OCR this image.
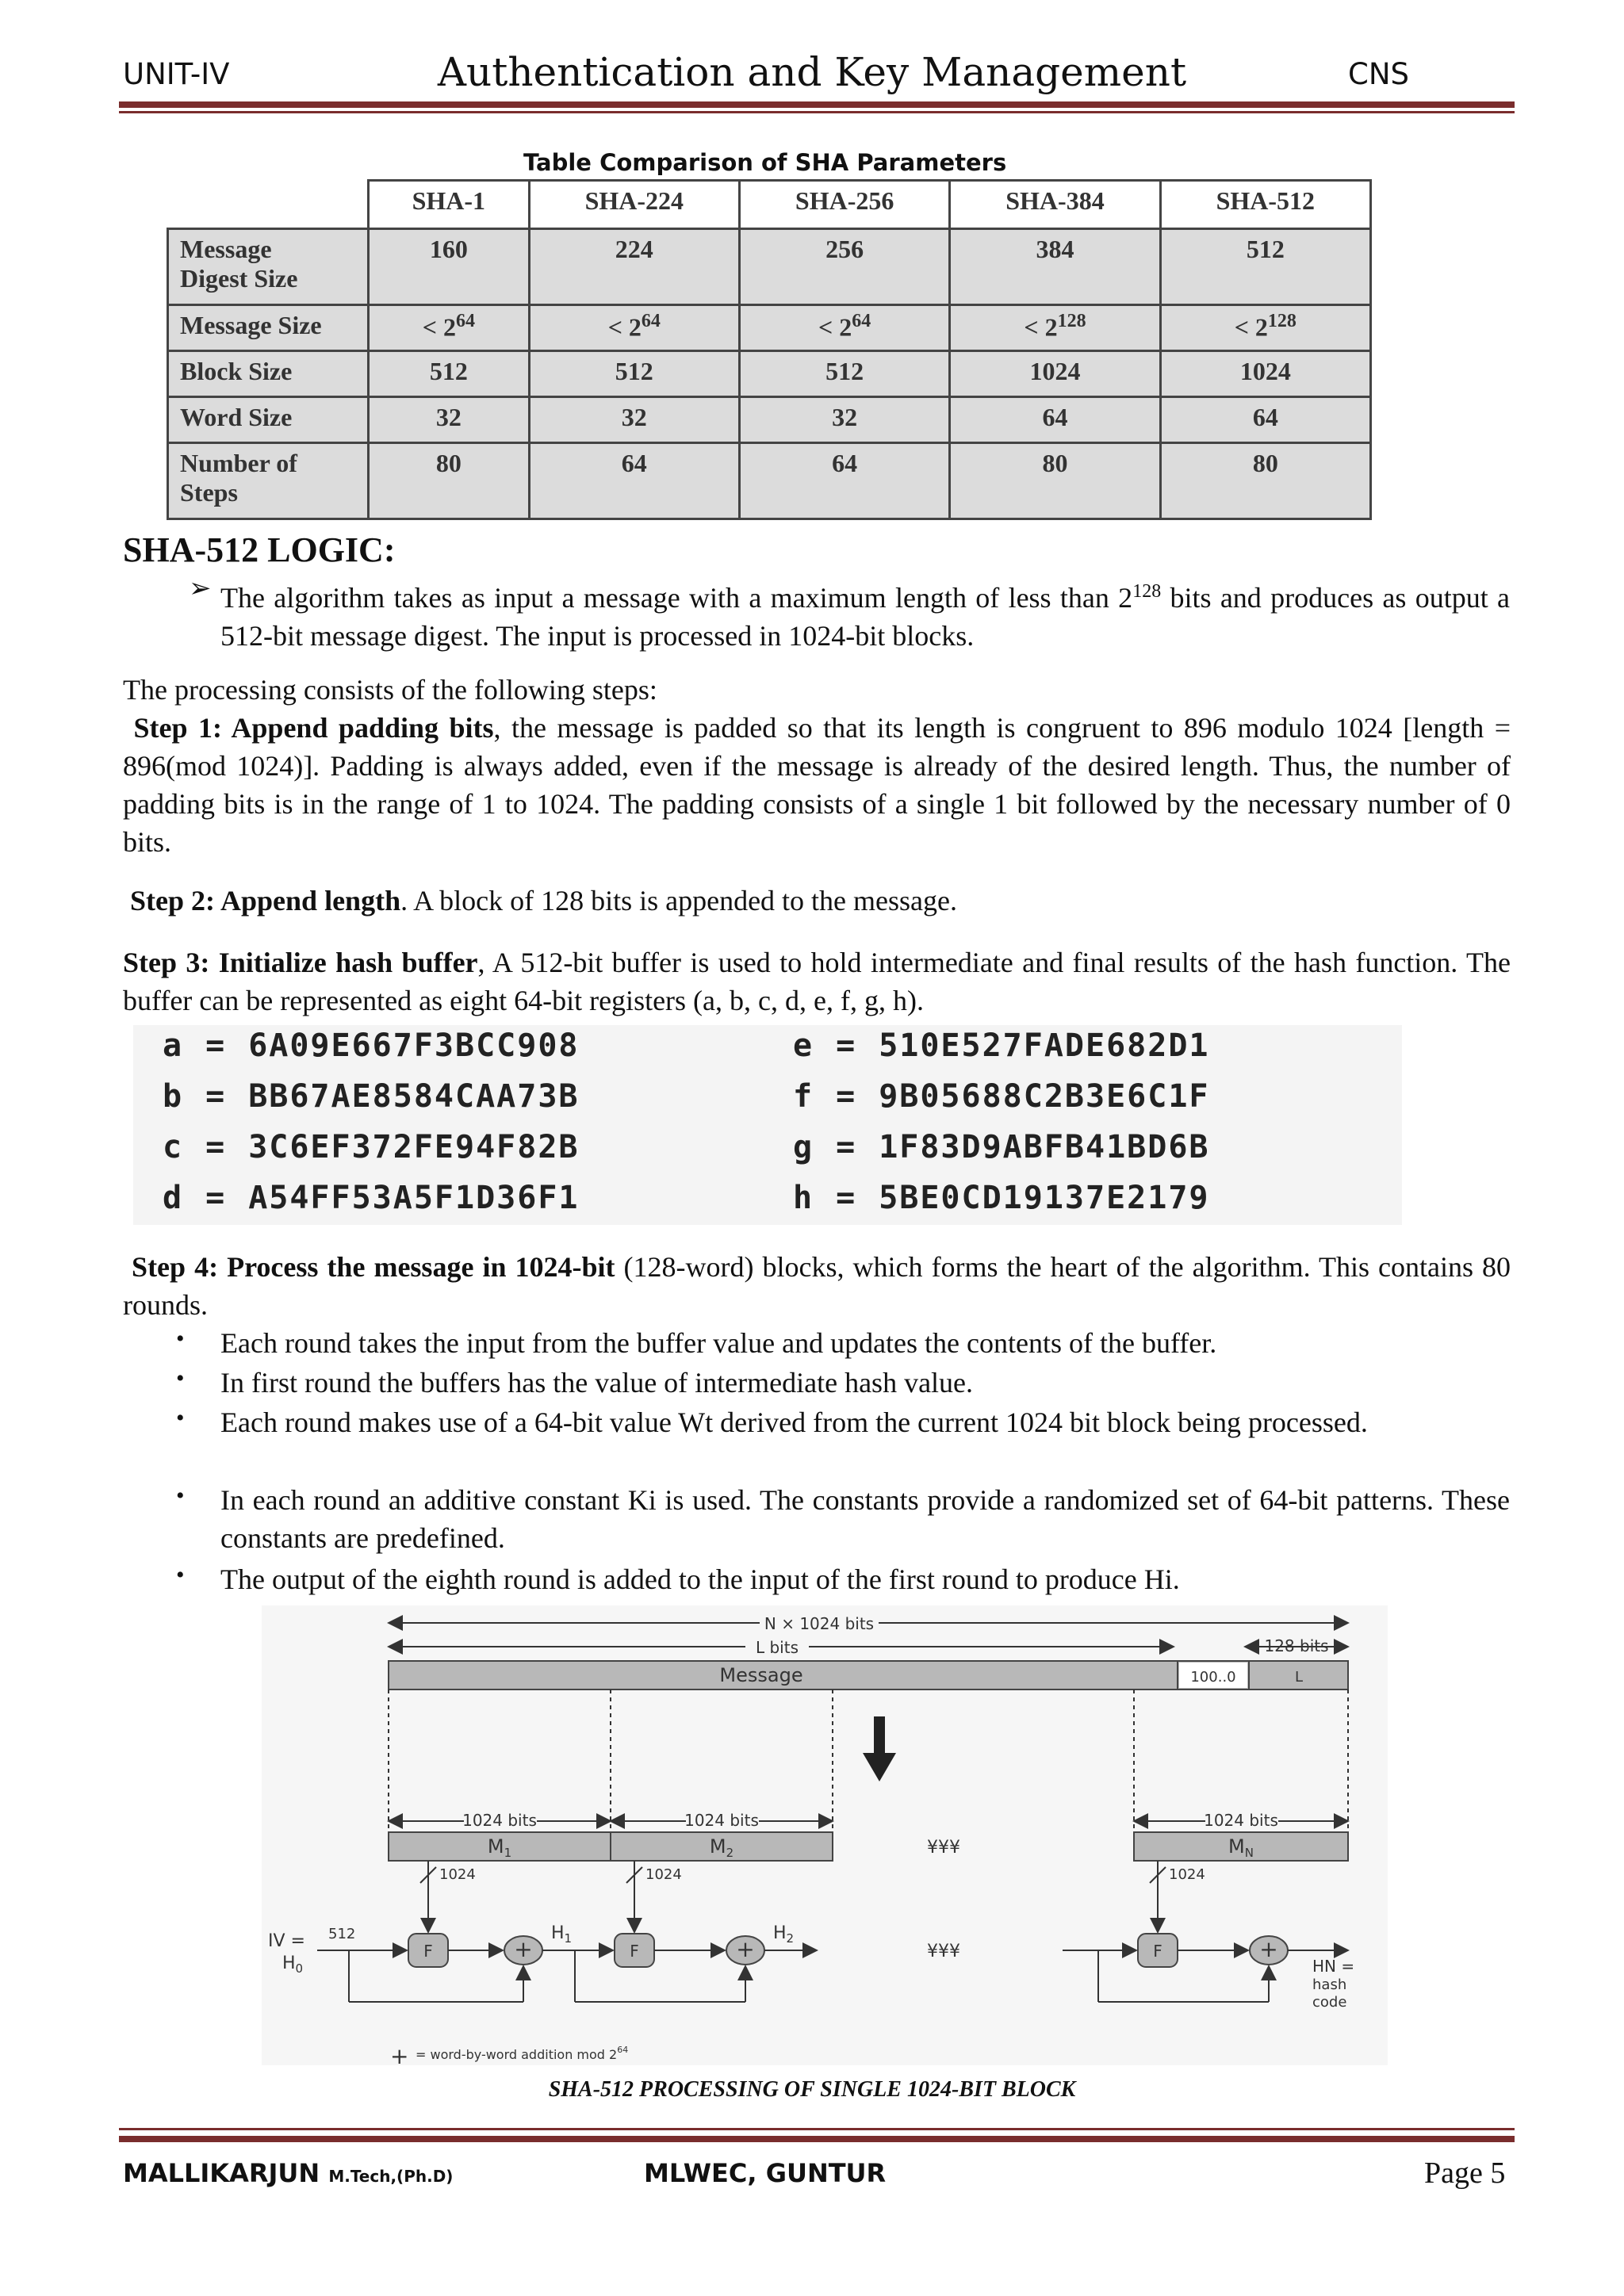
UNIT-IV	Authentication and Key Management	CNS
Table Comparison of SHA Parameters
	SHA-1	SHA-224	SHA-256	SHA-384	SHA-512

Message
Digest Size	160	224	256	384	512

Message Size	< $2^{64}$	< $2^{64}$	< $2^{64}$	< $2^{128}$	< $2^{128}$

Block Size	512	512	512	1024	1024

Word Size	32	32	32	64	64

Number of
Steps	80	64	64	80	80
SHA-512 LOGIC:
➢ The algorithm takes as input a message with a maximum length of less than $2^{128}$ bits and produces as output a 512-bit message digest. The input is processed in 1024-bit blocks.
The processing consists of the following steps:
Step 1: Append padding bits, the message is padded so that its length is congruent to 896 modulo 1024 [length = 896(mod 1024)]. Padding is always added, even if the message is already of the desired length. Thus, the number of padding bits is in the range of 1 to 1024. The padding consists of a single 1 bit followed by the necessary number of 0 bits.
Step 2: Append length. A block of 128 bits is appended to the message.
Step 3: Initialize hash buffer, A 512-bit buffer is used to hold intermediate and final results of the hash function. The buffer can be represented as eight 64-bit registers (a, b, c, d, e, f, g, h).
a = 6A09E667F3BCC908
b = BB67AE8584CAA73B
c = 3C6EF372FE94F82B
d = A54FF53A5F1D36F1
e = 510E527FADE682D1
f = 9B05688C2B3E6C1F
g = 1F83D9ABFB41BD6B
h = 5BE0CD19137E2179
Step 4: Process the message in 1024-bit (128-word) blocks, which forms the heart of the algorithm. This contains 80 rounds.
• Each round takes the input from the buffer value and updates the contents of the buffer.
• In first round the buffers has the value of intermediate hash value.
• Each round makes use of a 64-bit value Wt derived from the current 1024 bit block being processed.
• In each round an additive constant Ki is used. The constants provide a randomized set of 64-bit patterns. These constants are predefined.
• The output of the eighth round is added to the input of the first round to produce Hi.
N × 1024 bits
L bits	128 bits
Message	100..0	L
1024 bits	1024 bits	1024 bits
$M_1$	$M_2$	$M_N$
¥¥¥
1024	1024	1024
IV = 512
$H_0$
F	F	F
+	+	+
$H_1$	$H_2$
¥¥¥
HN =
hash
code
+ = word-by-word addition mod $2^{64}$
SHA-512 PROCESSING OF SINGLE 1024-BIT BLOCK
MALLIKARJUN M.Tech,(Ph.D)	MLWEC, GUNTUR	Page 5
